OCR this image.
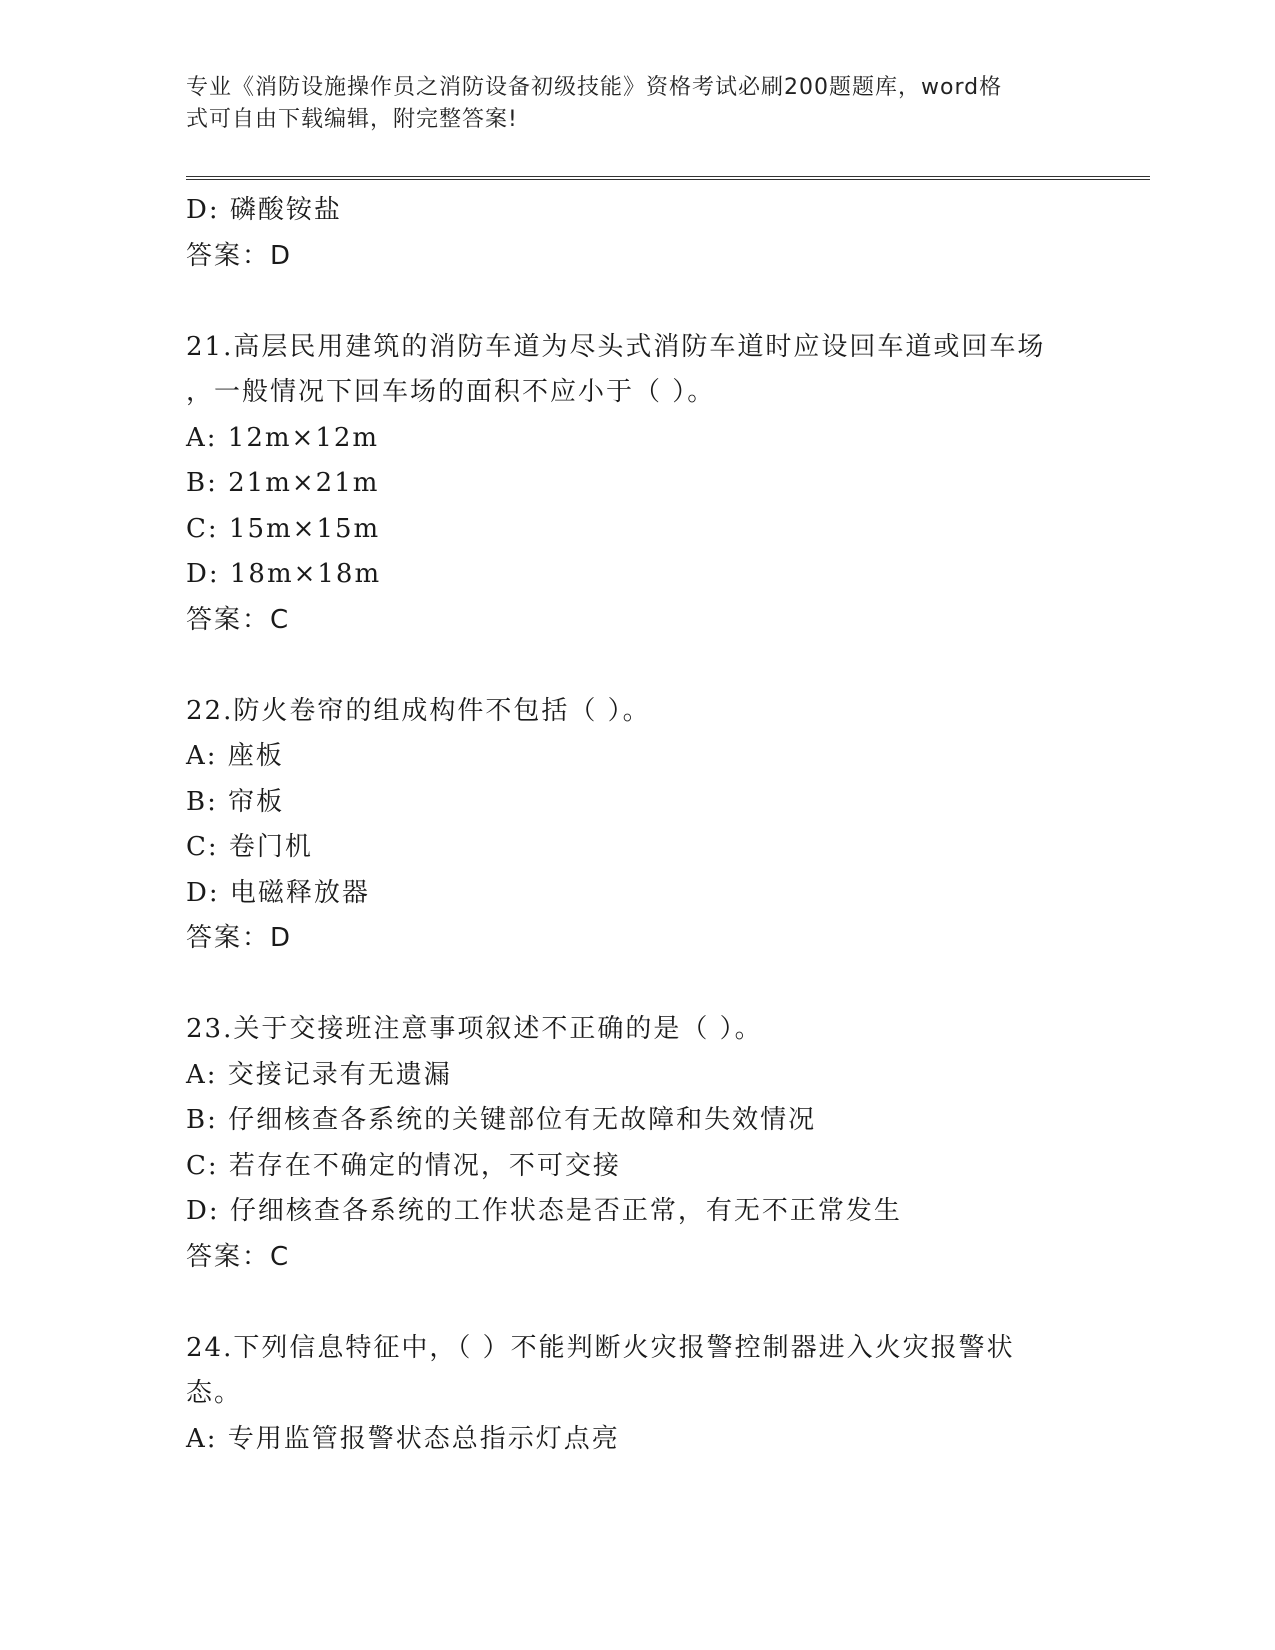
专业《消防设施操作员之消防设备初级技能》资格考试必刷200题题库，word格
式可自由下载编辑，附完整答案!
D: 磷酸铵盐
答案：D
21.高层民用建筑的消防车道为尽头式消防车道时应设回车道或回车场
，一般情况下回车场的面积不应小于（ ）。
A: 12m×12m
B: 21m×21m
C: 15m×15m
D: 18m×18m
答案：C
22.防火卷帘的组成构件不包括（ ）。
A: 座板
B: 帘板
C: 卷门机
D: 电磁释放器
答案：D
23.关于交接班注意事项叙述不正确的是（ ）。
A: 交接记录有无遗漏
B: 仔细核查各系统的关键部位有无故障和失效情况
C: 若存在不确定的情况，不可交接
D: 仔细核查各系统的工作状态是否正常，有无不正常发生
答案：C
24.下列信息特征中，（ ）不能判断火灾报警控制器进入火灾报警状
态。
A: 专用监管报警状态总指示灯点亮
